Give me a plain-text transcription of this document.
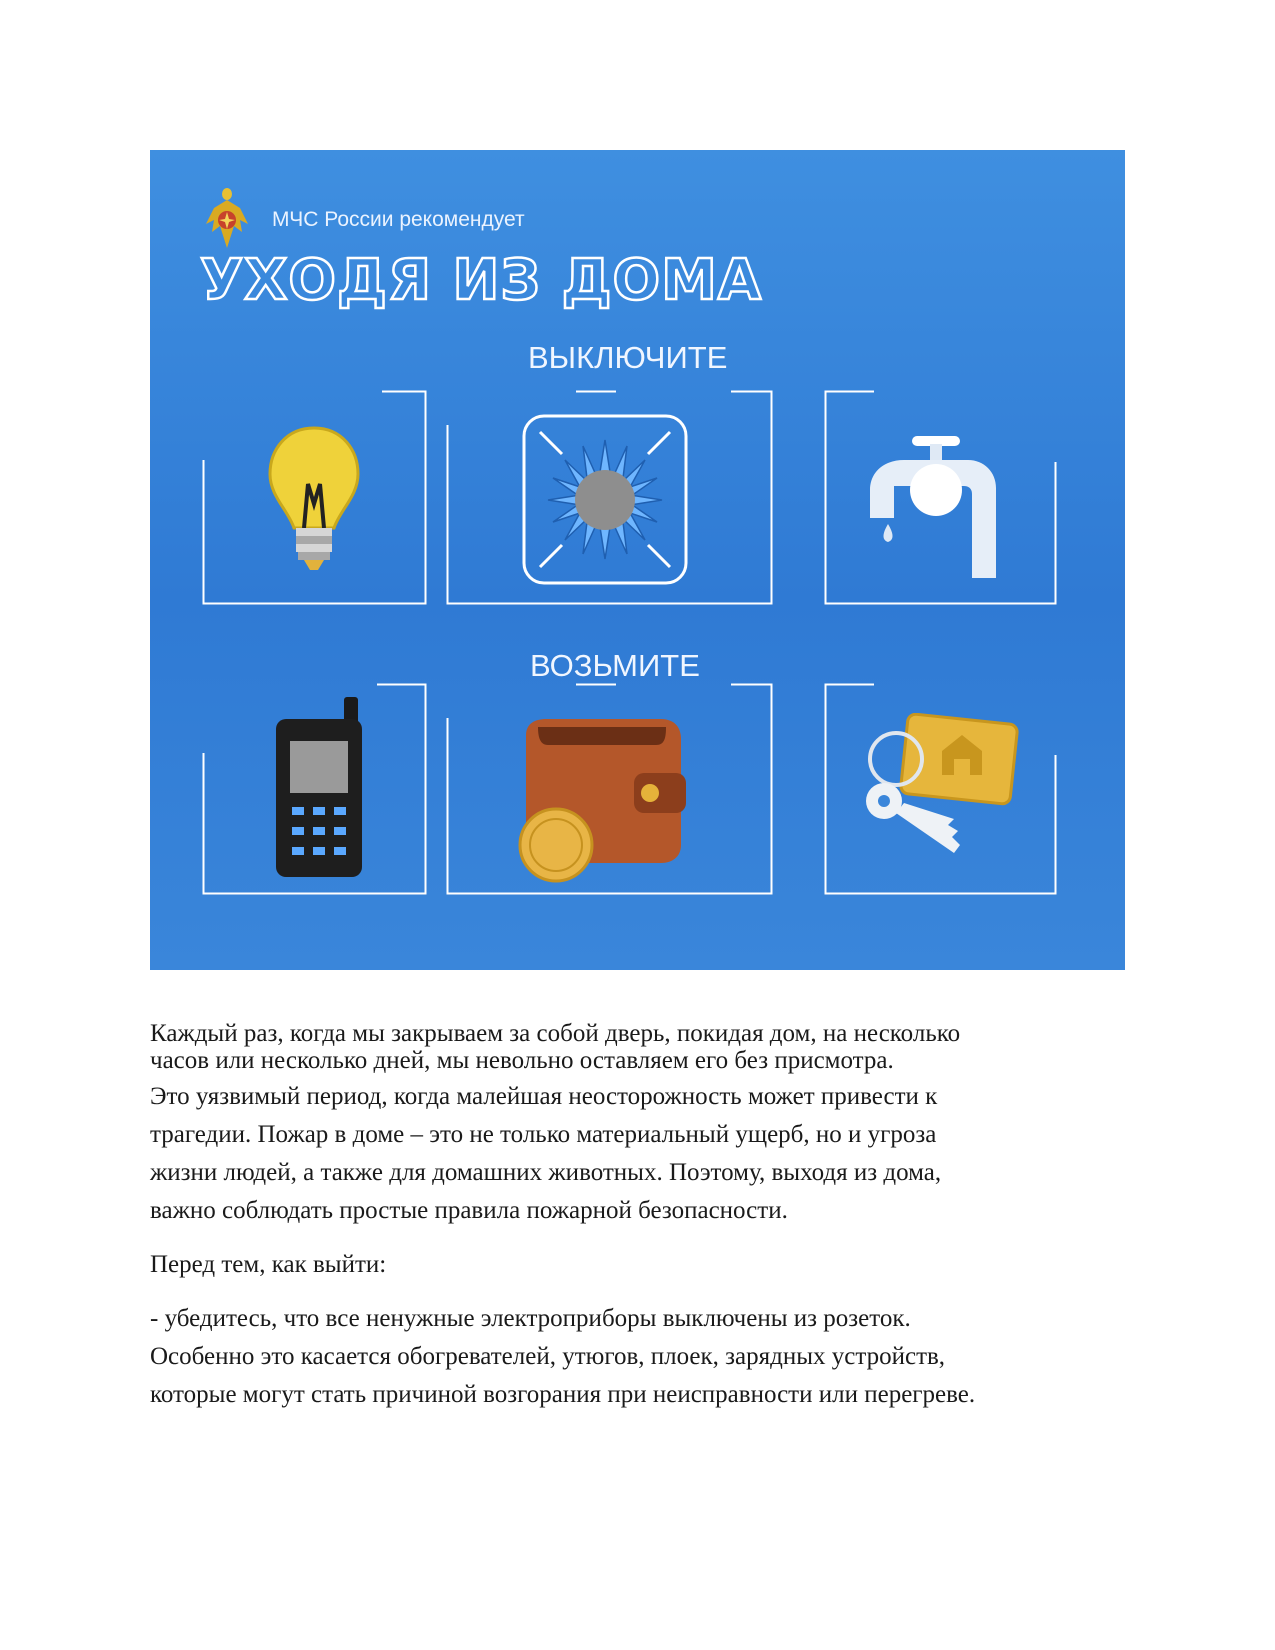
МЧС России рекомендует
УХОДЯ ИЗ ДОМА
ВЫКЛЮЧИТЕ
ВОЗЬМИТЕ

Каждый раз, когда мы закрываем за собой дверь, покидая дом, на несколько

часов или несколько дней, мы невольно оставляем его без присмотра.

Это уязвимый период, когда малейшая неосторожность может привести к

трагедии. Пожар в доме – это не только материальный ущерб, но и угроза

жизни людей, а также для домашних животных. Поэтому, выходя из дома,

важно соблюдать простые правила пожарной безопасности.

Перед тем, как выйти:

- убедитесь, что все ненужные электроприборы выключены из розеток.

Особенно это касается обогревателей, утюгов, плоек, зарядных устройств,

которые могут стать причиной возгорания при неисправности или перегреве.
